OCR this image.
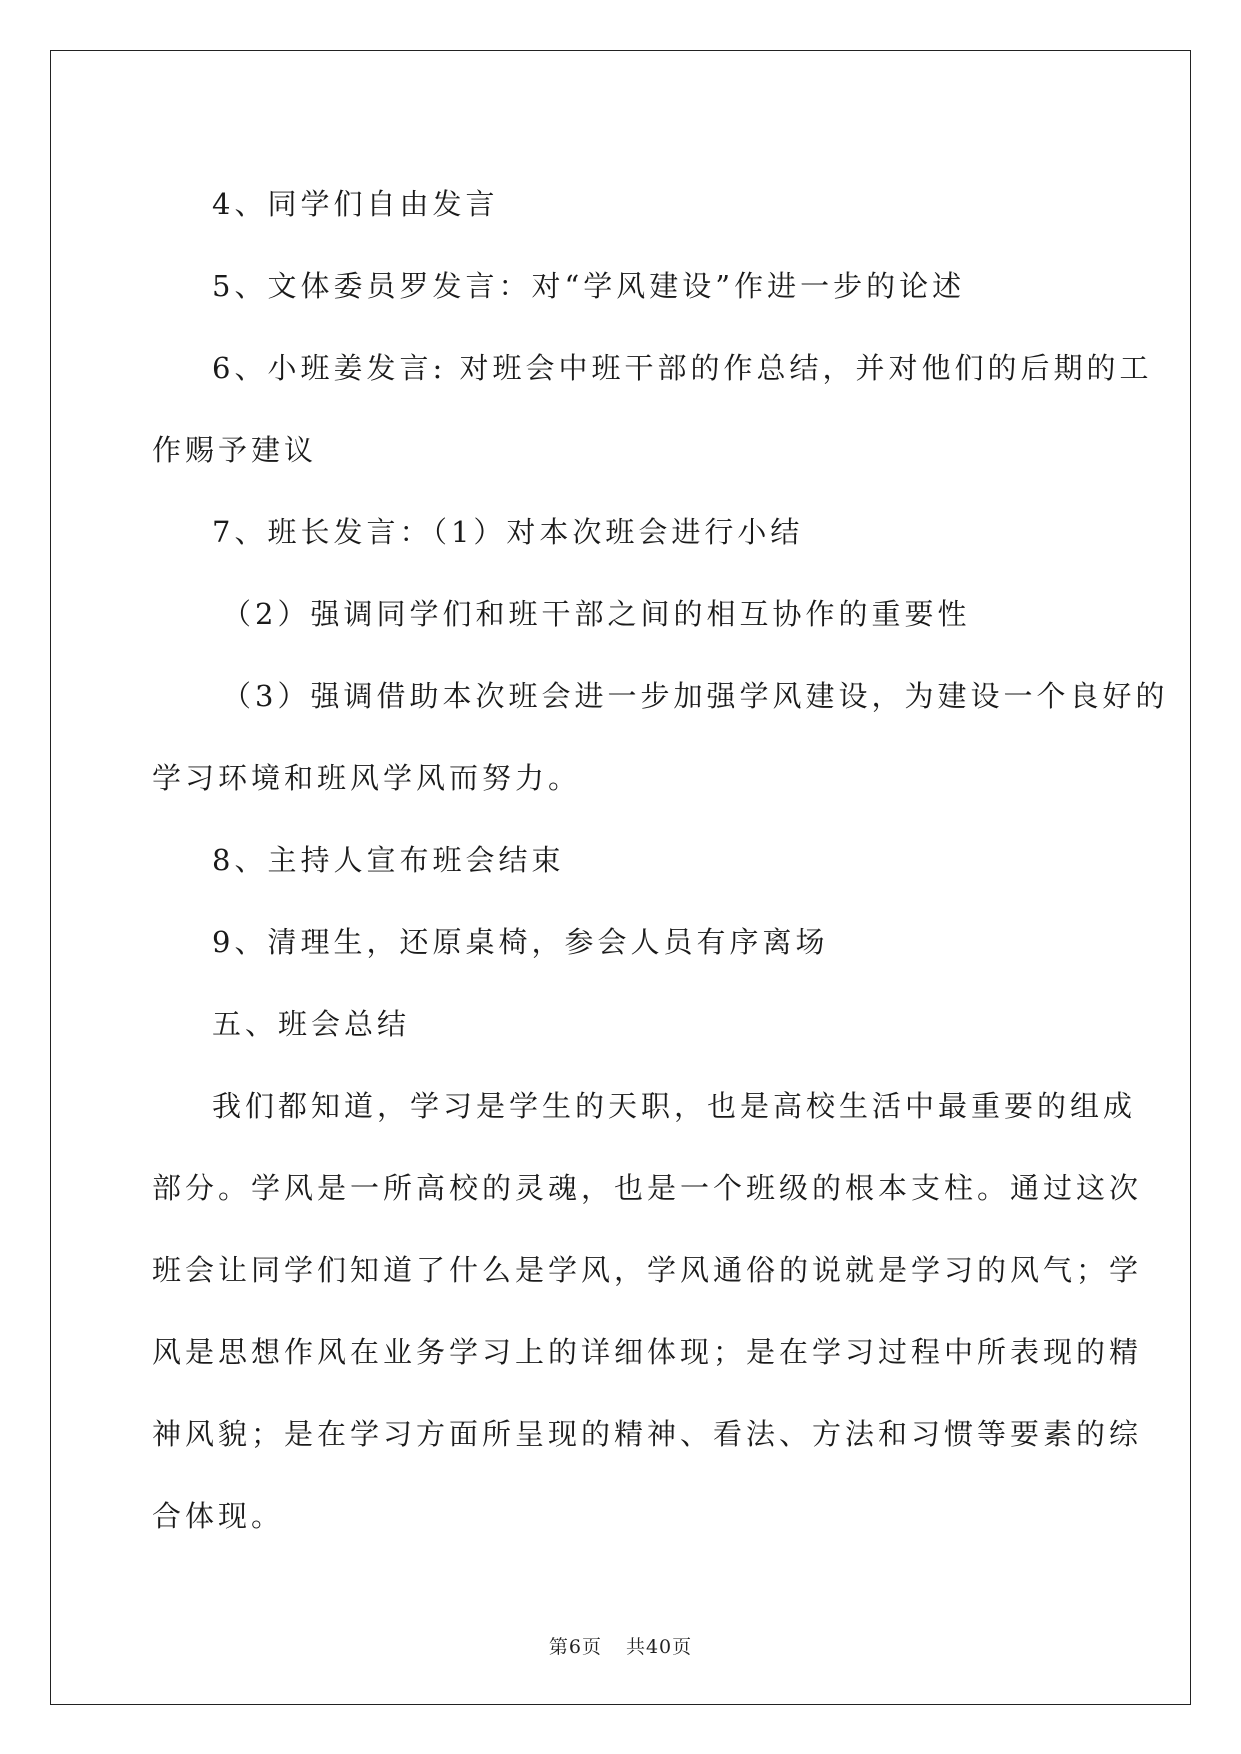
4、同学们自由发言

5、文体委员罗发言：对“学风建设”作进一步的论述

6、小班姜发言: 对班会中班干部的作总结，并对他们的后期的工

作赐予建议

7、班长发言：（1）对本次班会进行小结

（2）强调同学们和班干部之间的相互协作的重要性

（3）强调借助本次班会进一步加强学风建设，为建设一个良好的

学习环境和班风学风而努力。

8、主持人宣布班会结束

9、清理生，还原桌椅，参会人员有序离场

五、班会总结

我们都知道，学习是学生的天职，也是高校生活中最重要的组成

部分。学风是一所高校的灵魂，也是一个班级的根本支柱。通过这次

班会让同学们知道了什么是学风，学风通俗的说就是学习的风气；学

风是思想作风在业务学习上的详细体现；是在学习过程中所表现的精

神风貌；是在学习方面所呈现的精神、看法、方法和习惯等要素的综

合体现。

第6页 共40页
